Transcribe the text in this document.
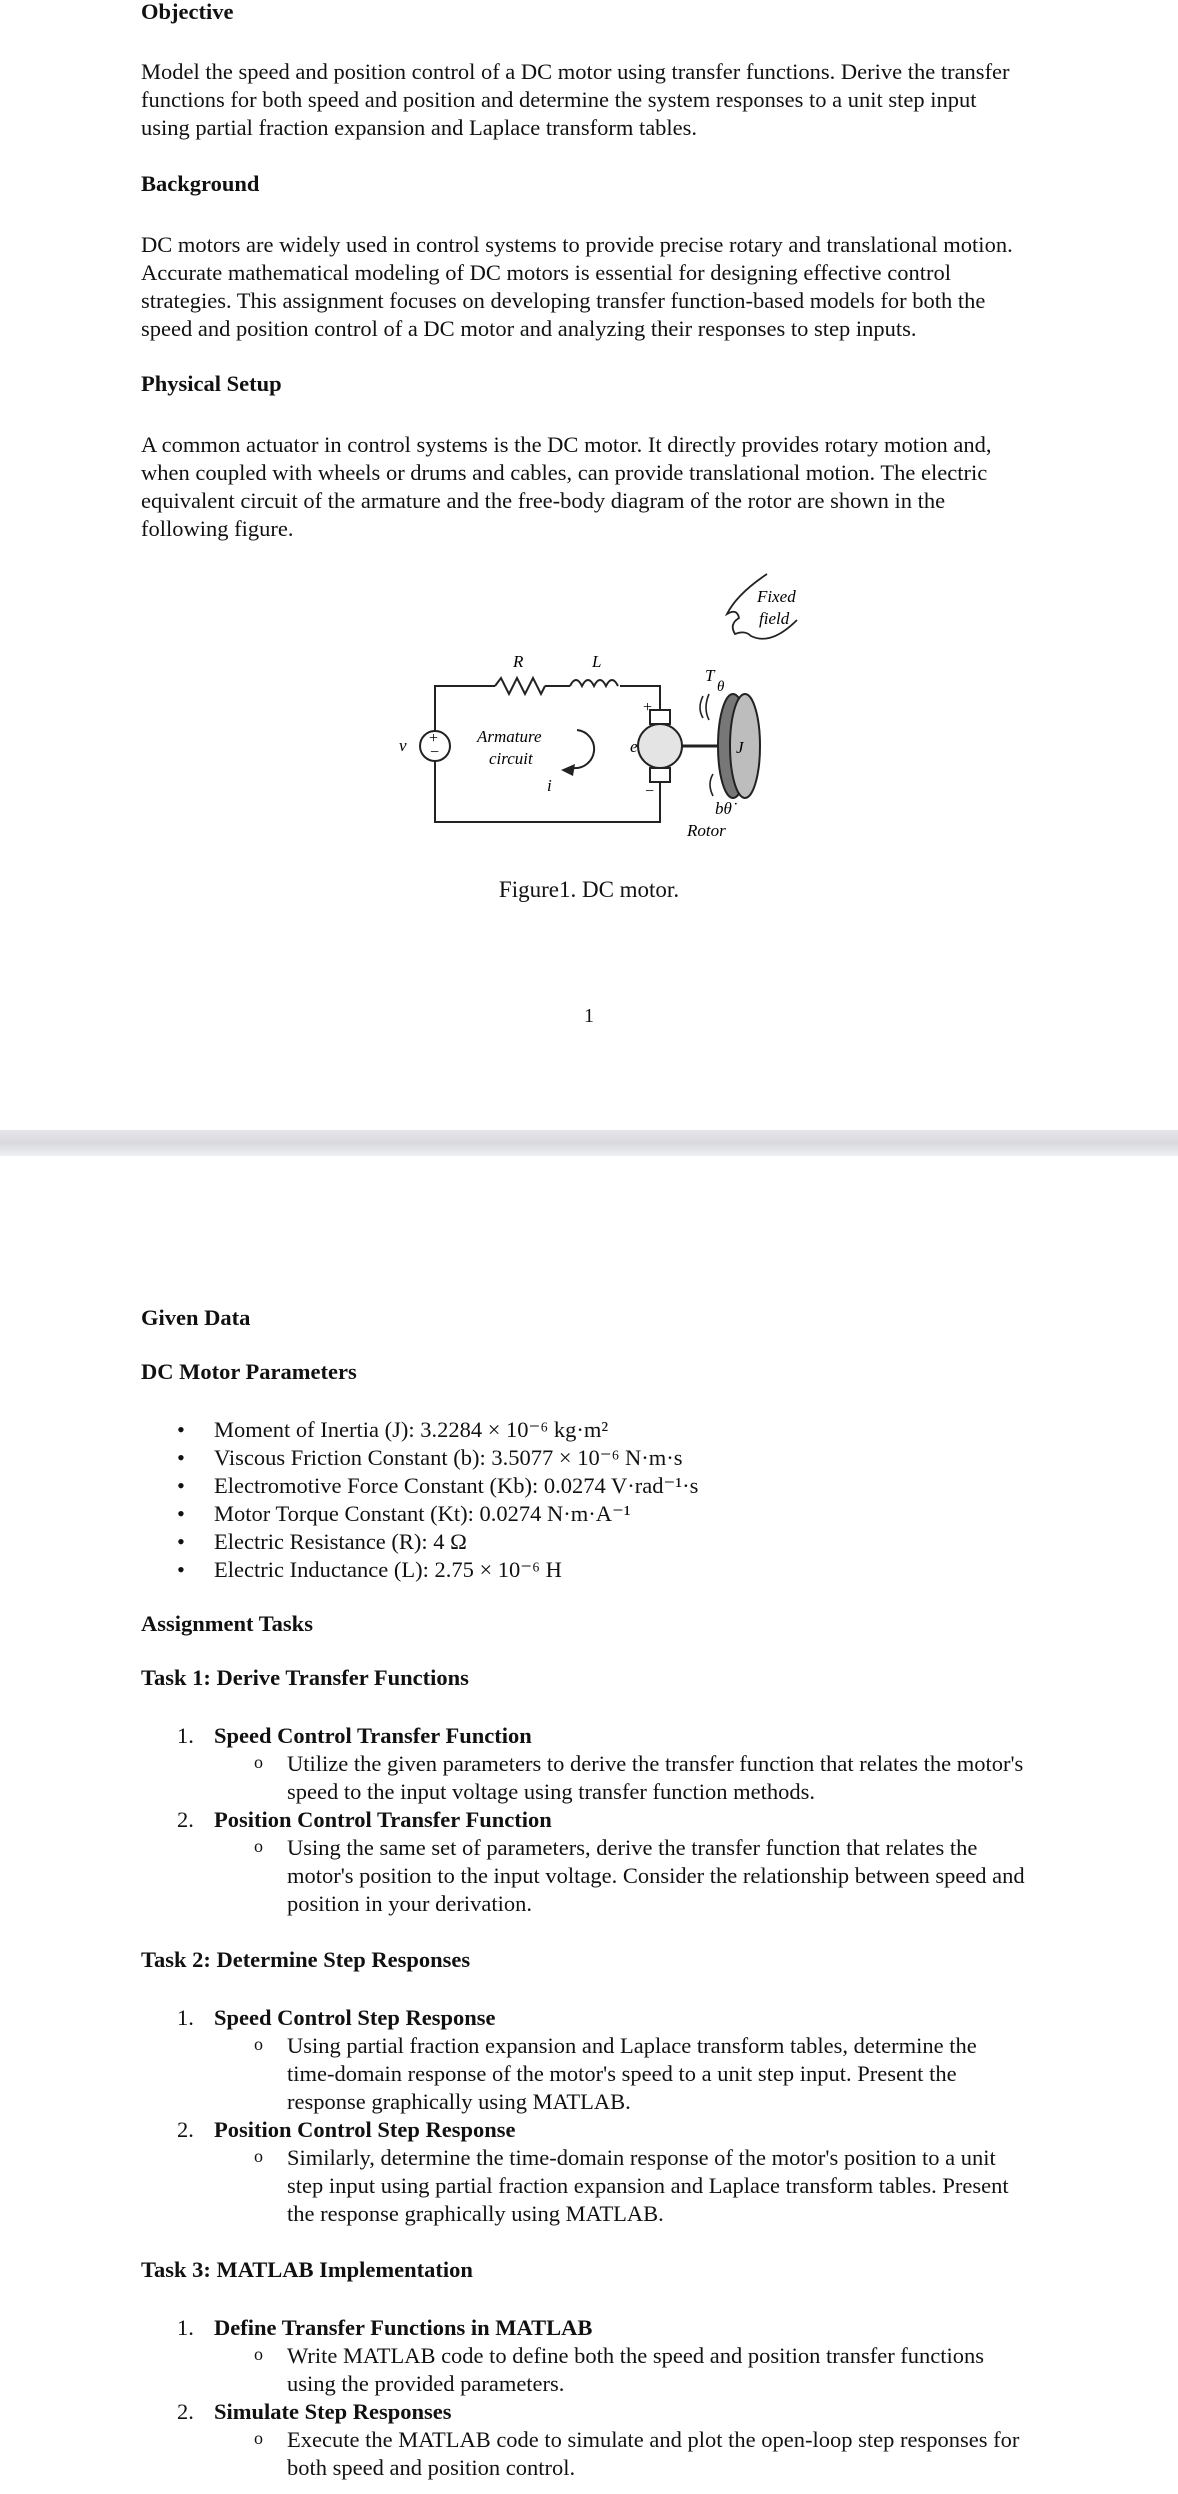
Objective

Model the speed and position control of a DC motor using transfer functions. Derive the transfer

functions for both speed and position and determine the system responses to a unit step input

using partial fraction expansion and Laplace transform tables.

Background

DC motors are widely used in control systems to provide precise rotary and translational motion.

Accurate mathematical modeling of DC motors is essential for designing effective control

strategies. This assignment focuses on developing transfer function-based models for both the

speed and position control of a DC motor and analyzing their responses to step inputs.

Physical Setup

A common actuator in control systems is the DC motor. It directly provides rotary motion and,

when coupled with wheels or drums and cables, can provide translational motion. The electric

equivalent circuit of the armature and the free-body diagram of the rotor are shown in the

following figure.

R	L
+
−
v	Armature
circuit
i
e
+
−
J
T
θ
bθ̇
Rotor
Fixed
field
Figure1. DC motor.
1
Given Data
DC Motor Parameters
• Moment of Inertia (J): 3.2284 × 10⁻⁶ kg·m²
• Viscous Friction Constant (b): 3.5077 × 10⁻⁶ N·m·s
• Electromotive Force Constant (Kb): 0.0274 V·rad⁻¹·s
• Motor Torque Constant (Kt): 0.0274 N·m·A⁻¹
• Electric Resistance (R): 4 Ω
• Electric Inductance (L): 2.75 × 10⁻⁶ H
Assignment Tasks
Task 1: Derive Transfer Functions
1. Speed Control Transfer Function

o Utilize the given parameters to derive the transfer function that relates the motor's

speed to the input voltage using transfer function methods.

2. Position Control Transfer Function

o Using the same set of parameters, derive the transfer function that relates the

motor's position to the input voltage. Consider the relationship between speed and

position in your derivation.

Task 2: Determine Step Responses
1. Speed Control Step Response

o Using partial fraction expansion and Laplace transform tables, determine the

time-domain response of the motor's speed to a unit step input. Present the

response graphically using MATLAB.

2. Position Control Step Response

o Similarly, determine the time-domain response of the motor's position to a unit

step input using partial fraction expansion and Laplace transform tables. Present

the response graphically using MATLAB.

Task 3: MATLAB Implementation
1. Define Transfer Functions in MATLAB

o Write MATLAB code to define both the speed and position transfer functions

using the provided parameters.

2. Simulate Step Responses

o Execute the MATLAB code to simulate and plot the open-loop step responses for

both speed and position control.
